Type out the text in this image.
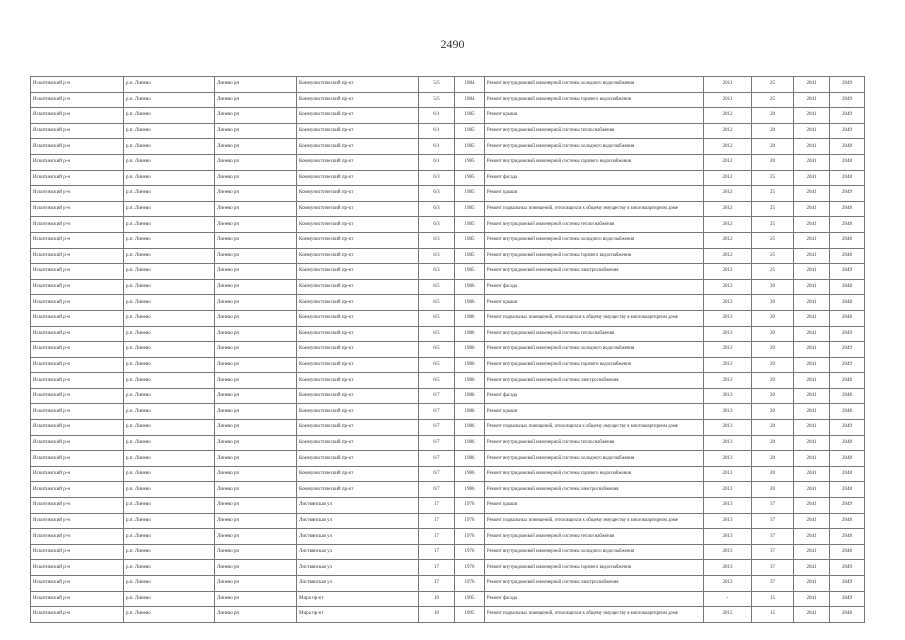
2490
Искитимский р-н	р.п. Линево	Линево рп	Коммунистический пр-кт	5/5	1984	Ремонт внутридомовой инженерной системы холодного водоснабжения	2011	25	2041	2049
Искитимский р-н	р.п. Линево	Линево рп	Коммунистический пр-кт	5/5	1984	Ремонт внутридомовой инженерной системы горячего водоснабжения	2011	25	2041	2049
Искитимский р-н	р.п. Линево	Линево рп	Коммунистический пр-кт	6/1	1985	Ремонт крыши	2012	20	2041	2049
Искитимский р-н	р.п. Линево	Линево рп	Коммунистический пр-кт	6/1	1985	Ремонт внутридомовой инженерной системы теплоснабжения	2012	20	2041	2049
Искитимский р-н	р.п. Линево	Линево рп	Коммунистический пр-кт	6/1	1985	Ремонт внутридомовой инженерной системы холодного водоснабжения	2012	20	2041	2048
Искитимский р-н	р.п. Линево	Линево рп	Коммунистический пр-кт	6/1	1985	Ремонт внутридомовой инженерной системы горячего водоснабжения	2012	20	2041	2048
Искитимский р-н	р.п. Линево	Линево рп	Коммунистический пр-кт	6/3	1985	Ремонт фасада	2012	25	2041	2048
Искитимский р-н	р.п. Линево	Линево рп	Коммунистический пр-кт	6/3	1985	Ремонт крыши	2012	25	2041	2049
Искитимский р-н	р.п. Линево	Линево рп	Коммунистический пр-кт	6/3	1985	Ремонт подвальных помещений, относящихся к общему имуществу в многоквартирном доме	2012	25	2041	2048
Искитимский р-н	р.п. Линево	Линево рп	Коммунистический пр-кт	6/3	1985	Ремонт внутридомовой инженерной системы теплоснабжения	2012	25	2041	2048
Искитимский р-н	р.п. Линево	Линево рп	Коммунистический пр-кт	6/3	1985	Ремонт внутридомовой инженерной системы холодного водоснабжения	2012	25	2041	2048
Искитимский р-н	р.п. Линево	Линево рп	Коммунистический пр-кт	6/3	1985	Ремонт внутридомовой инженерной системы горячего водоснабжения	2012	25	2041	2048
Искитимский р-н	р.п. Линево	Линево рп	Коммунистический пр-кт	6/3	1985	Ремонт внутридомовой инженерной системы электроснабжения	2012	25	2041	2049
Искитимский р-н	р.п. Линево	Линево рп	Коммунистический пр-кт	6/5	1986	Ремонт фасада	2013	20	2041	2048
Искитимский р-н	р.п. Линево	Линево рп	Коммунистический пр-кт	6/5	1986	Ремонт крыши	2013	20	2041	2048
Искитимский р-н	р.п. Линево	Линево рп	Коммунистический пр-кт	6/5	1986	Ремонт подвальных помещений, относящихся к общему имуществу в многоквартирном доме	2013	20	2041	2048
Искитимский р-н	р.п. Линево	Линево рп	Коммунистический пр-кт	6/5	1986	Ремонт внутридомовой инженерной системы теплоснабжения	2013	20	2041	2049
Искитимский р-н	р.п. Линево	Линево рп	Коммунистический пр-кт	6/5	1986	Ремонт внутридомовой инженерной системы холодного водоснабжения	2013	20	2041	2049
Искитимский р-н	р.п. Линево	Линево рп	Коммунистический пр-кт	6/5	1986	Ремонт внутридомовой инженерной системы горячего водоснабжения	2013	20	2041	2049
Искитимский р-н	р.п. Линево	Линево рп	Коммунистический пр-кт	6/5	1986	Ремонт внутридомовой инженерной системы электроснабжения	2013	20	2041	2048
Искитимский р-н	р.п. Линево	Линево рп	Коммунистический пр-кт	6/7	1986	Ремонт фасада	2013	20	2041	2048
Искитимский р-н	р.п. Линево	Линево рп	Коммунистический пр-кт	6/7	1986	Ремонт крыши	2013	20	2041	2048
Искитимский р-н	р.п. Линево	Линево рп	Коммунистический пр-кт	6/7	1986	Ремонт подвальных помещений, относящихся к общему имуществу в многоквартирном доме	2013	20	2041	2049
Искитимский р-н	р.п. Линево	Линево рп	Коммунистический пр-кт	6/7	1986	Ремонт внутридомовой инженерной системы теплоснабжения	2013	20	2041	2048
Искитимский р-н	р.п. Линево	Линево рп	Коммунистический пр-кт	6/7	1986	Ремонт внутридомовой инженерной системы холодного водоснабжения	2013	20	2041	2048
Искитимский р-н	р.п. Линево	Линево рп	Коммунистический пр-кт	6/7	1986	Ремонт внутридомовой инженерной системы горячего водоснабжения	2013	20	2041	2048
Искитимский р-н	р.п. Линево	Линево рп	Коммунистический пр-кт	6/7	1986	Ремонт внутридомовой инженерной системы электроснабжения	2013	20	2041	2048
Искитимский р-н	р.п. Линево	Линево рп	Листвянская ул	17	1976	Ремонт крыши	2013	37	2041	2049
Искитимский р-н	р.п. Линево	Линево рп	Листвянская ул	17	1976	Ремонт подвальных помещений, относящихся к общему имуществу в многоквартирном доме	2013	37	2041	2048
Искитимский р-н	р.п. Линево	Линево рп	Листвянская ул	17	1976	Ремонт внутридомовой инженерной системы теплоснабжения	2013	37	2041	2048
Искитимский р-н	р.п. Линево	Линево рп	Листвянская ул	17	1976	Ремонт внутридомовой инженерной системы холодного водоснабжения	2013	37	2041	2048
Искитимский р-н	р.п. Линево	Линево рп	Листвянская ул	17	1976	Ремонт внутридомовой инженерной системы горячего водоснабжения	2013	37	2041	2049
Искитимский р-н	р.п. Линево	Линево рп	Листвянская ул	17	1976	Ремонт внутридомовой инженерной системы электроснабжения	2013	37	2041	2049
Искитимский р-н	р.п. Линево	Линево рп	Мира пр-кт	10	1995	Ремонт фасада	-	15	2041	2049
Искитимский р-н	р.п. Линево	Линево рп	Мира пр-кт	10	1995	Ремонт подвальных помещений, относящихся к общему имуществу в многоквартирном доме	2015	15	2041	2048
